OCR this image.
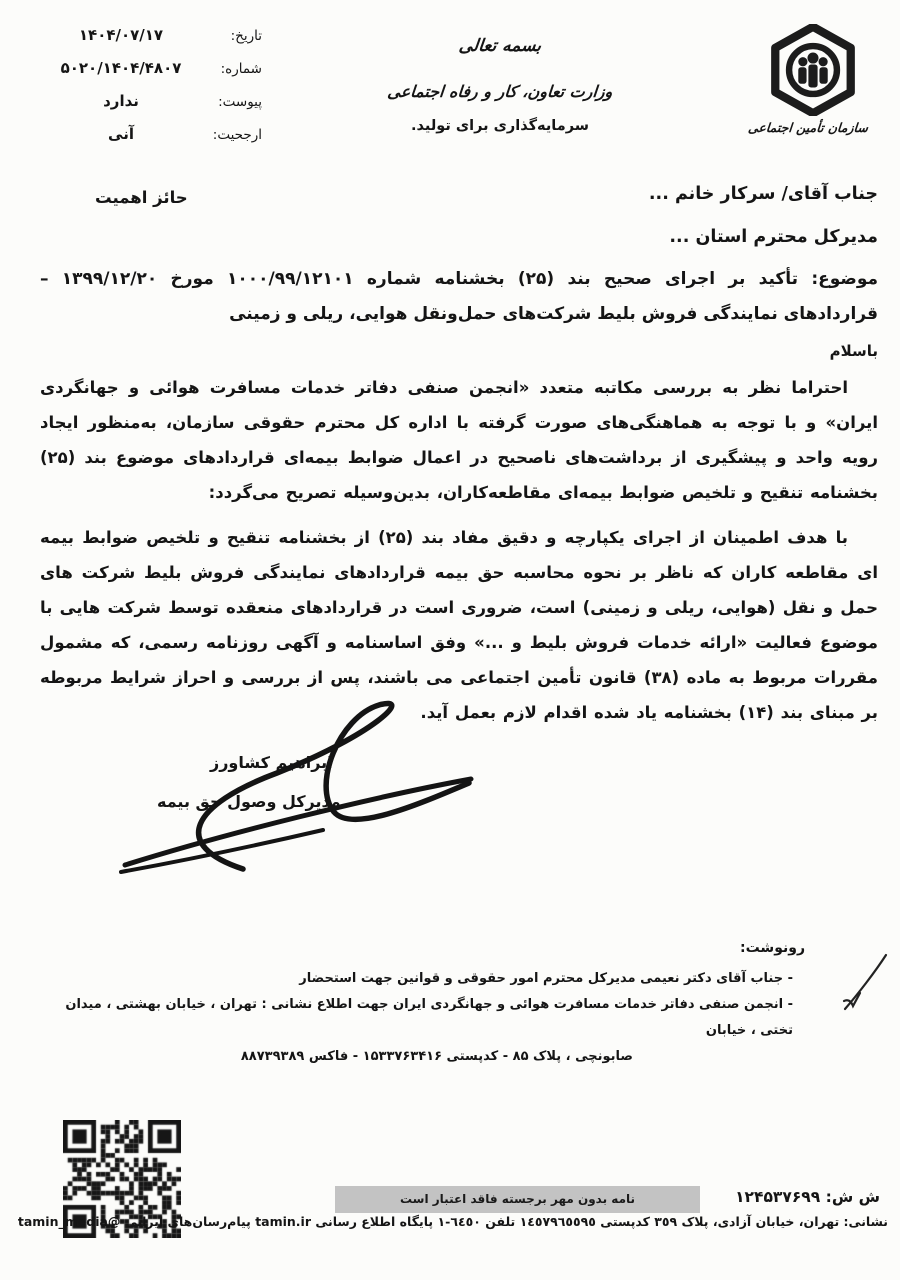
تاریخ:
۱۴۰۴/۰۷/۱۷
شماره:
۵۰۲۰/۱۴۰۴/۴۸۰۷
پیوست:
ندارد
ارجحیت:
آنی
بسمه تعالی
وزارت تعاون، کار و رفاه اجتماعی
سرمایه‌گذاری برای تولید.	سازمان تأمین اجتماعی
جناب آقای/ سرکار خانم ...
مدیرکل محترم استان ...
حائز اهمیت
موضوع: تأکید بر اجرای صحیح بند (۲۵) بخشنامه شماره ۱۰۰۰/۹۹/۱۲۱۰۱ مورخ ۱۳۹۹/۱۲/۲۰ – قراردادهای نمایندگی فروش بلیط شرکت‌های حمل‌ونقل هوایی، ریلی و زمینی
باسلام
احتراما نظر به بررسی مکاتبه متعدد «انجمن صنفی دفاتر خدمات مسافرت هوائی و جهانگردی ایران» و با توجه به هماهنگی‌های صورت گرفته با اداره کل محترم حقوقی سازمان، به‌منظور ایجاد رویه واحد و پیشگیری از برداشت‌های ناصحیح در اعمال ضوابط بیمه‌ای قراردادهای موضوع بند (۲۵) بخشنامه تنقیح و تلخیص ضوابط بیمه‌ای مقاطعه‌کاران، بدین‌وسیله تصریح می‌گردد:
با هدف اطمینان از اجرای یکپارچه و دقیق مفاد بند (۲۵) از بخشنامه تنقیح و تلخیص ضوابط بیمه ای مقاطعه کاران که ناظر بر نحوه محاسبه حق بیمه قراردادهای نمایندگی فروش بلیط شرکت های حمل و نقل (هوایی، ریلی و زمینی) است، ضروری است در قراردادهای منعقده توسط شرکت هایی با موضوع فعالیت «ارائه خدمات فروش بلیط و ...» وفق اساسنامه و آگهی روزنامه رسمی، که مشمول مقررات مربوط به ماده (۳۸) قانون تأمین اجتماعی می باشند، پس از بررسی و احراز شرایط مربوطه بر مبنای بند (۱۴) بخشنامه یاد شده اقدام لازم بعمل آید.
ابراهیم کشاورز
مدیرکل وصول حق بیمه
رونوشت:
- جناب آقای دکتر نعیمی مدیرکل محترم امور حقوقی و قوانین جهت استحضار
- انجمن صنفی دفاتر خدمات مسافرت هوائی و جهانگردی ایران جهت اطلاع نشانی : تهران ، خیابان بهشتی ، میدان تختی ، خیابان
صابونچی ، پلاک ۸۵ - کدپستی ۱۵۳۳۷۶۳۴۱۶ - فاکس ۸۸۷۳۹۳۸۹
ش ش: ۱۲۴۵۳۷۶۹۹
نامه بدون مهر برجسته فاقد اعتبار است
نشانی: تهران، خیابان آزادی، پلاک ٣٥٩ کدپستی ١٤٥٧٩٦٥٥٩٥ تلفن ٦٤٥٠-١ پایگاه اطلاع رسانی tamin.ir پیام‌رسان‌های ایرانی @tamin_media
